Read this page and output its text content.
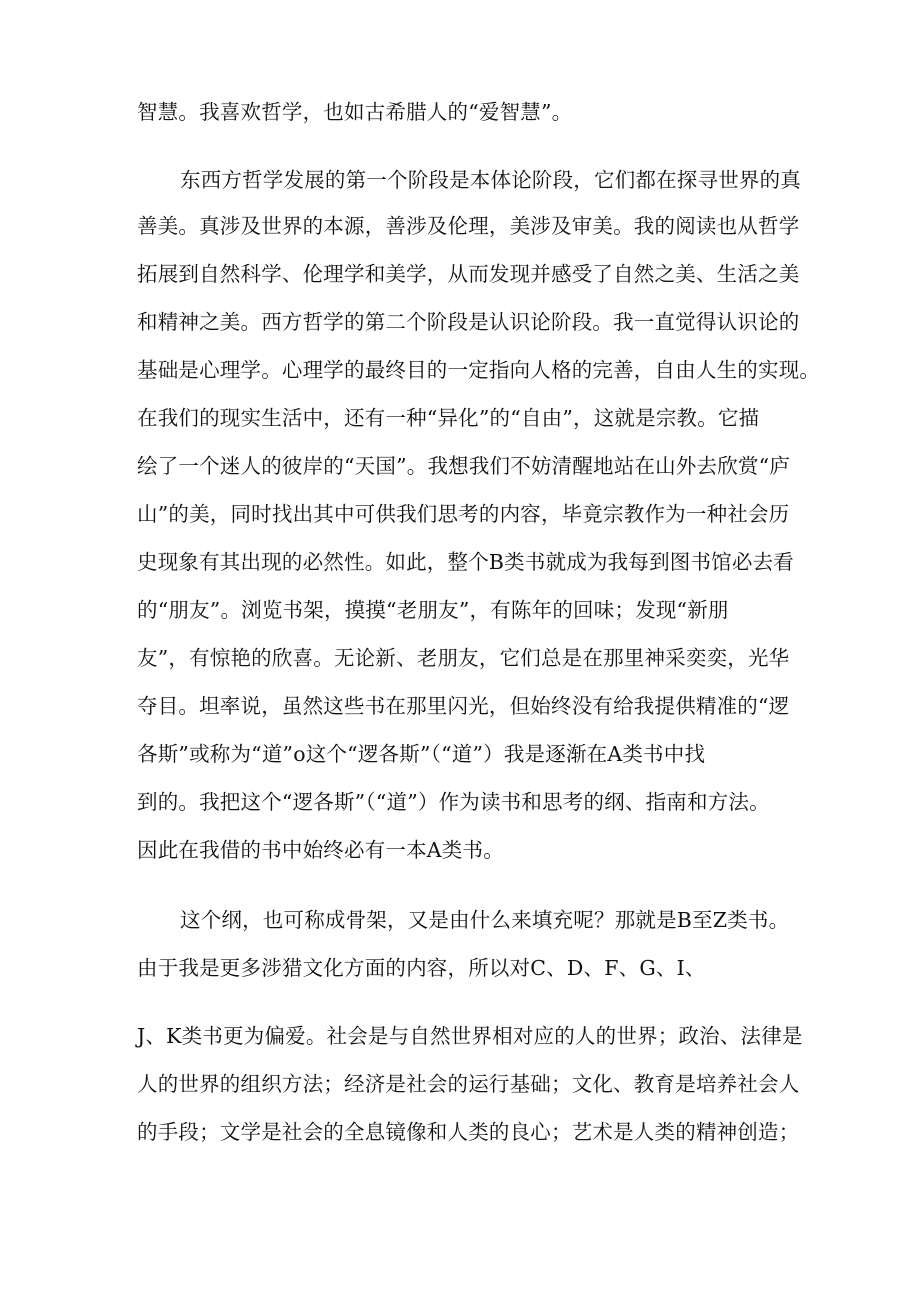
智慧。我喜欢哲学，也如古希腊人的“爱智慧”。
东西方哲学发展的第一个阶段是本体论阶段，它们都在探寻世界的真
善美。真涉及世界的本源，善涉及伦理，美涉及审美。我的阅读也从哲学
拓展到自然科学、伦理学和美学，从而发现并感受了自然之美、生活之美
和精神之美。西方哲学的第二个阶段是认识论阶段。我一直觉得认识论的
基础是心理学。心理学的最终目的一定指向人格的完善，自由人生的实现。
在我们的现实生活中，还有一种“异化”的“自由”，这就是宗教。它描
绘了一个迷人的彼岸的“天国”。我想我们不妨清醒地站在山外去欣赏“庐
山”的美，同时找出其中可供我们思考的内容，毕竟宗教作为一种社会历
史现象有其出现的必然性。如此，整个B类书就成为我每到图书馆必去看
的“朋友”。浏览书架，摸摸“老朋友”，有陈年的回味；发现“新朋
友”，有惊艳的欣喜。无论新、老朋友，它们总是在那里神采奕奕，光华
夺目。坦率说，虽然这些书在那里闪光，但始终没有给我提供精准的“逻
各斯”或称为“道”o这个“逻各斯”（“道”）我是逐渐在A类书中找
到的。我把这个“逻各斯”（“道”）作为读书和思考的纲、指南和方法。
因此在我借的书中始终必有一本A类书。
这个纲，也可称成骨架，又是由什么来填充呢？那就是B至Z类书。
由于我是更多涉猎文化方面的内容，所以对C、D、F、G、I、
J、K类书更为偏爱。社会是与自然世界相对应的人的世界；政治、法律是
人的世界的组织方法；经济是社会的运行基础；文化、教育是培养社会人
的手段；文学是社会的全息镜像和人类的良心；艺术是人类的精神创造；
